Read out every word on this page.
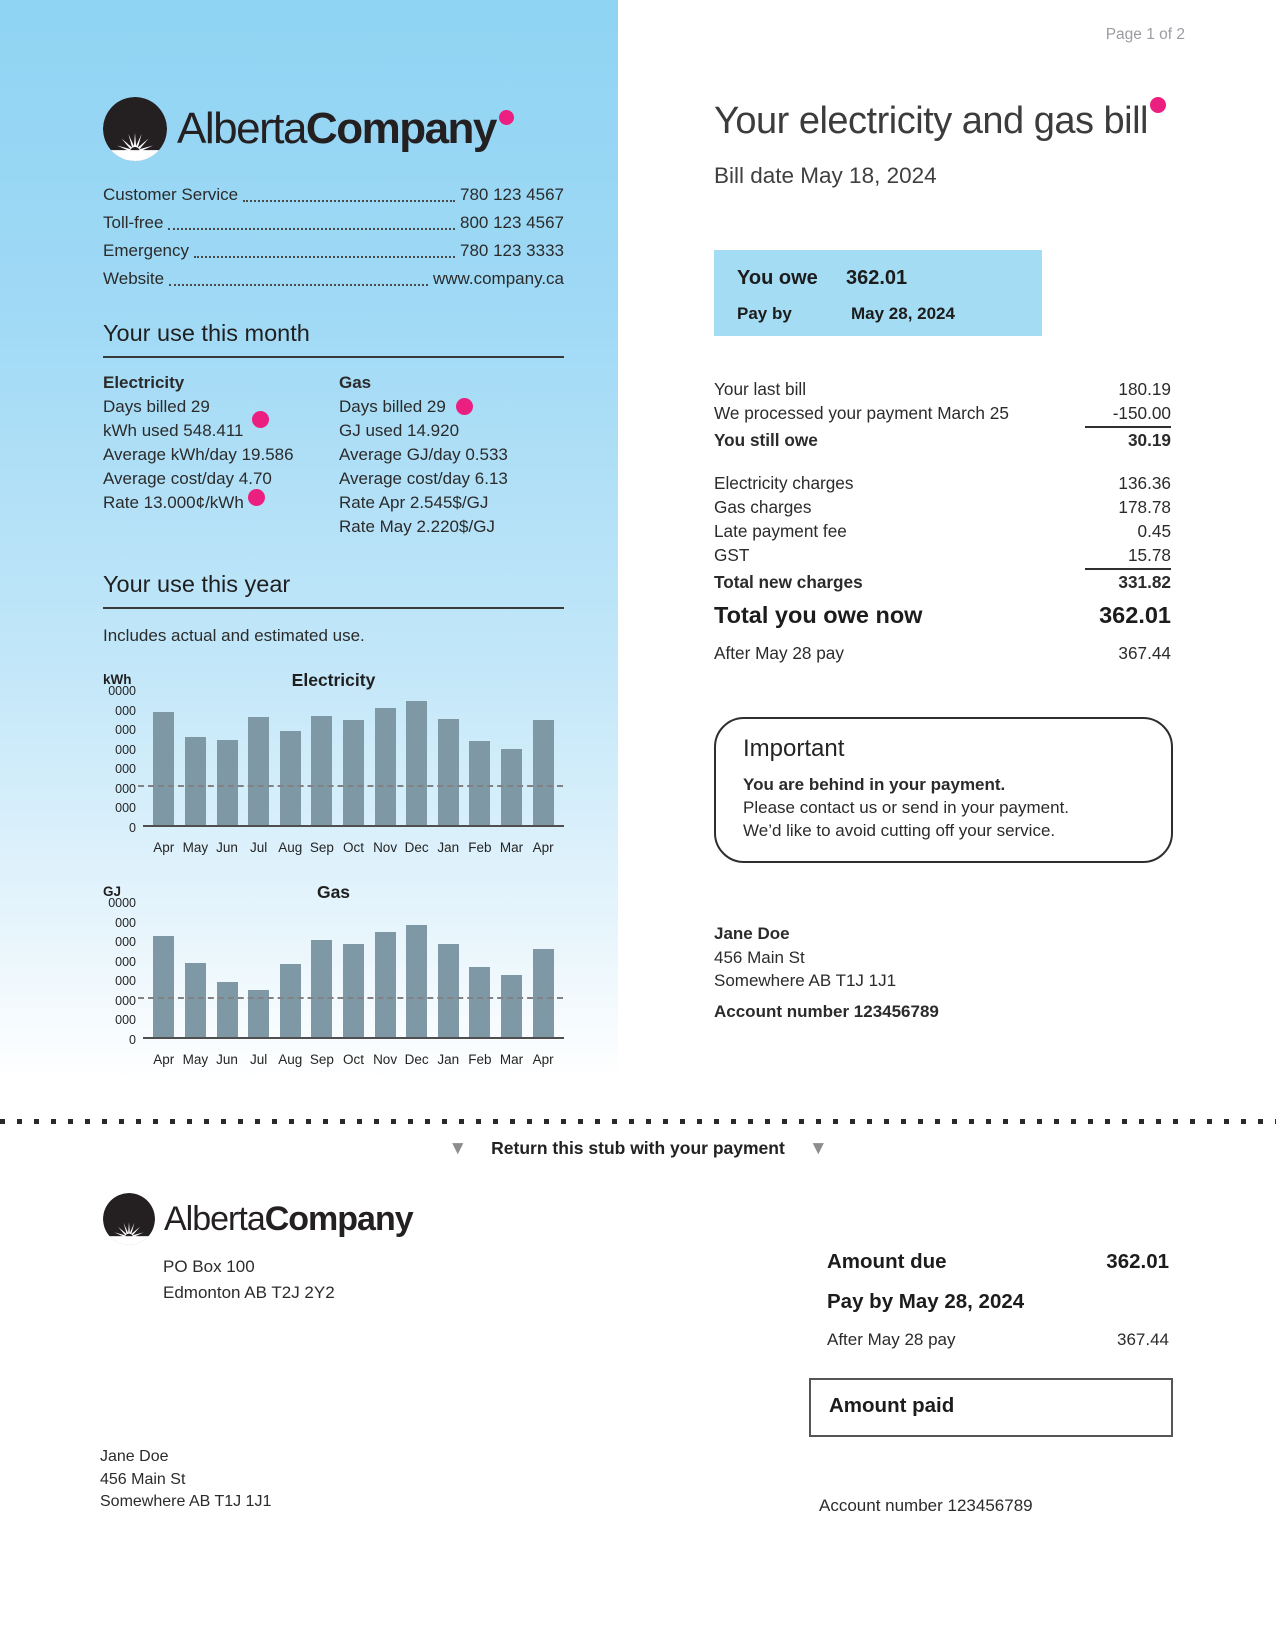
AlbertaCompany
Customer Service	780 123 4567
Toll-free	800 123 4567
Emergency	780 123 3333
Website	www.company.ca
Your use this month
Electricity
Days billed 29
kWh used 548.411
Average kWh/day 19.586
Average cost/day 4.70
Rate 13.000¢/kWh
Gas
Days billed 29
GJ used 14.920
Average GJ/day 0.533
Average cost/day 6.13
Rate Apr 2.545$/GJ
Rate May 2.220$/GJ
Your use this year
Includes actual and estimated use.
kWh	Electricity
0000
000
000
000
000
000
000
0
Apr May Jun Jul Aug Sep Oct Nov Dec Jan Feb Mar Apr
GJ	Gas
0000
000
000
000
000
000
000
0
Apr May Jun Jul Aug Sep Oct Nov Dec Jan Feb Mar Apr
Page 1 of 2
Your electricity and gas bill
Bill date May 18, 2024
You owe	362.01
Pay by	May 28, 2024
Your last bill	180.19
We processed your payment March 25	-150.00
You still owe	30.19
Electricity charges	136.36
Gas charges	178.78
Late payment fee	0.45
GST	15.78
Total new charges	331.82
Total you owe now	362.01
After May 28 pay	367.44
Important
You are behind in your payment.
Please contact us or send in your payment.
We’d like to avoid cutting off your service.
Jane Doe
456 Main St
Somewhere AB T1J 1J1
Account number 123456789
▼ Return this stub with your payment ▼
AlbertaCompany
PO Box 100
Edmonton AB T2J 2Y2
Amount due	362.01
Pay by May 28, 2024
After May 28 pay	367.44
Amount paid
Jane Doe
456 Main St
Somewhere AB T1J 1J1	Account number 123456789
